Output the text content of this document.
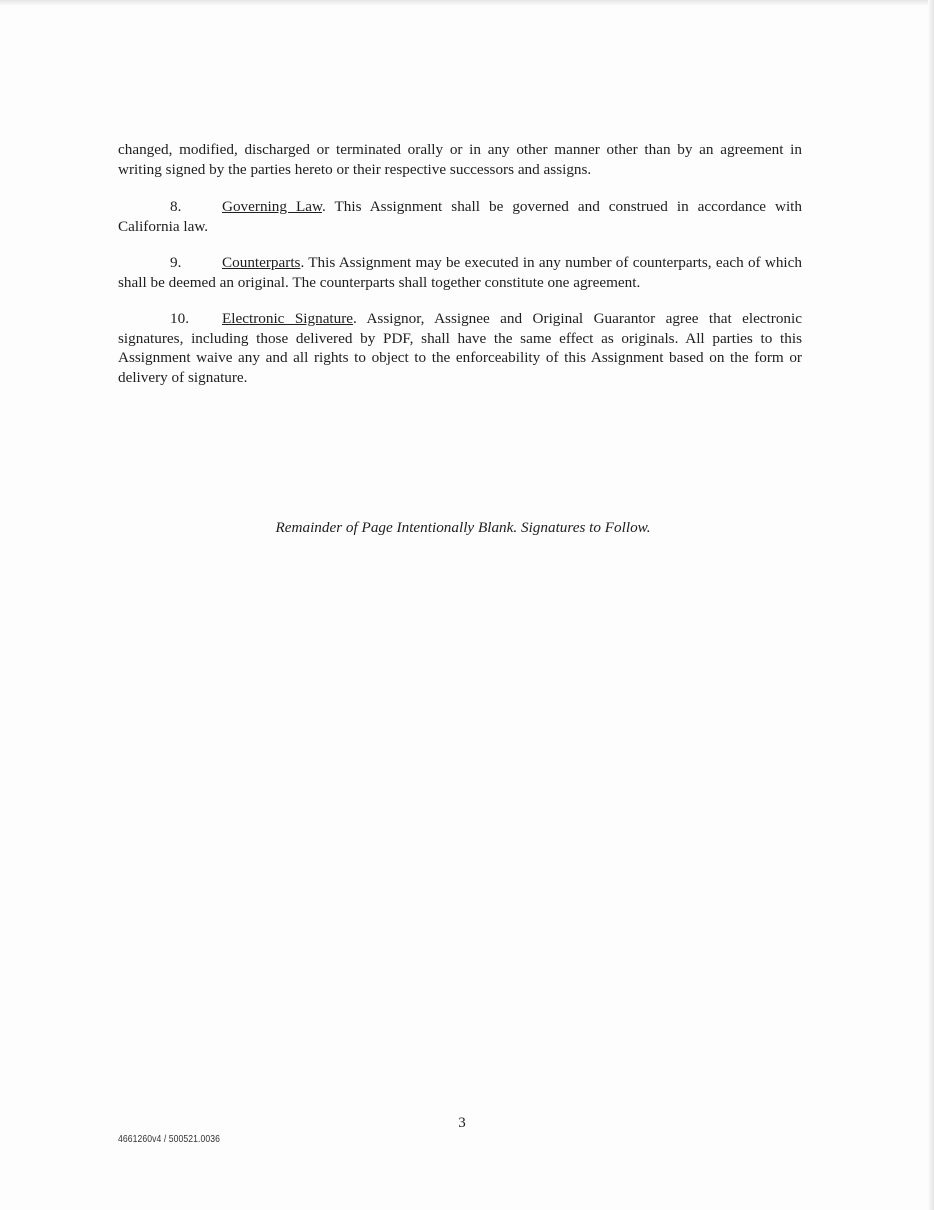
changed, modified, discharged or terminated orally or in any other manner other than by an agreement in writing signed by the parties hereto or their respective successors and assigns.

8.	Governing Law. This Assignment shall be governed and construed in accordance with California law.

9.	Counterparts. This Assignment may be executed in any number of counterparts, each of which shall be deemed an original. The counterparts shall together constitute one agreement.

10. Electronic Signature. Assignor, Assignee and Original Guarantor agree that electronic signatures, including those delivered by PDF, shall have the same effect as originals. All parties to this Assignment waive any and all rights to object to the enforceability of this Assignment based on the form or delivery of signature.

Remainder of Page Intentionally Blank. Signatures to Follow.
3
4661260v4 / 500521.0036
